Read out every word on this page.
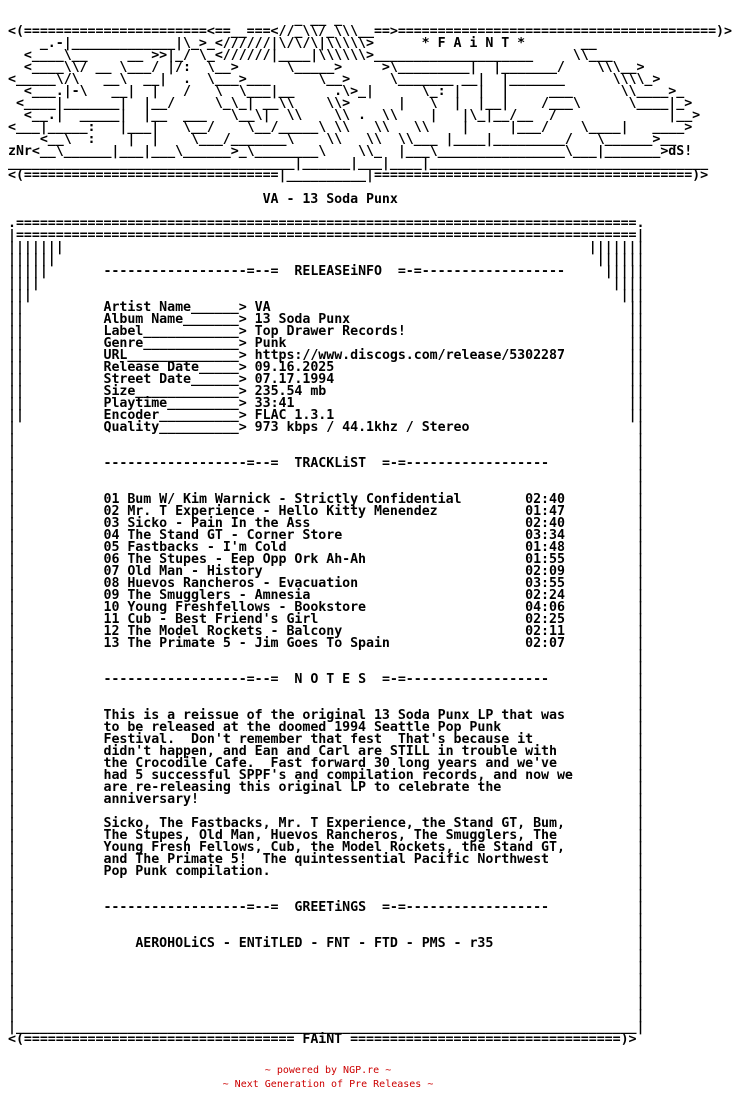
_ __ _
<(=======================<==__===<//_\\/_\\\__==>========================================)>
_.-|_____________|\_>_<//////|\/\/\|\\\\\>      * F A i N T *       __
<____\__     __ >>|_/ \_<//////|____|\\\\\\>____________________     \\___
<____\\/ __ \___/ |/:  \__>      \_____>     >\_________|  |_______/    \\\__>
<_____\/\   __\  __|  .  \___>___      \__>     \_______ __|  |_______      \\\\_>
<___.|-\   __|  |   /   \  \___|__     .\>_|      \_: |  |  |     ___      \\____>_
<____|_______|  |__/     \_\_| __\\    \\>      |   \  |  |__|    /___\      \____|_>
<__.|  _____|  |__  ___   \__\|  \\    \\ .  \\    |   |\_|__/__  /              |__>
<___|_____:   |___|   \__/    \__/_____\ \\   \\   \\    |     |___/    \____|   ____>
<__\  :    |  |    \___/_______\    \\   \\  \\___ |____|_________/   \______>__
zNr<__\______|___|___\______>_\________\    \\_  |___\________________\___|_______>dS!
____________________________________|______|___|____|___________________________________
<(================================|__________|========================================)>
VA - 13 Soda Punx
.==============================================================================.
|==============================================================================|
|||||||	|||||||
||||||	||||||
|||||       ------------------=--=  RELEASEiNFO  =-=------------------     |||||
||||	||||
|||	|||
||	Artist Name______> VA	||
||	Album Name_______> 13 Soda Punx	||
||	Label____________> Top Drawer Records!	||
||	Genre____________> Punk	||
||	URL______________> https://www.discogs.com/release/5302287        ||
||	Release Date_____> 09.16.2025	||
||	Street Date______> 07.17.1994	||
||	Size_____________> 235.54 mb	||
||	Playtime_________> 33:41	||
||	Encoder__________> FLAC 1.3.1	||
|	Quality__________> 973 kbps / 44.1khz / Stereo	|
|	|
|	|
|           ------------------=--=  TRACKLiST  =-=------------------	|
|	|
|	|
|	01 Bum W/ Kim Warnick - Strictly Confidential	02:40         |
|	02 Mr. T Experience - Hello Kitty Menendez	01:47         |
|	03 Sicko - Pain In the Ass	02:40         |
|	04 The Stand GT - Corner Store	03:34         |
|	05 Fastbacks - I'm Cold	01:48         |
|	06 The Stupes - Eep Opp Ork Ah-Ah	01:55         |
|	07 Old Man - History	02:09         |
|	08 Huevos Rancheros - Evacuation	03:55         |
|	09 The Smugglers - Amnesia	02:24         |
|	10 Young Freshfellows - Bookstore	04:06         |
|	11 Cub - Best Friend's Girl	02:25         |
|	12 The Model Rockets - Balcony	02:11         |
|	13 The Primate 5 - Jim Goes To Spain	02:07         |
|	|
|	|
|           ------------------=--=  N O T E S  =-=------------------	|
|	|
|	|
|	This is a reissue of the original 13 Soda Punx LP that was         |
|	to be released at the doomed 1994 Seattle Pop Punk	|
|	Festival.  Don't remember that fest  That's because it	|
|	didn't happen, and Ean and Carl are STILL in trouble with          |
|	the Crocodile Cafe.  Fast forward 30 long years and we've          |
|	had 5 successful SPPF's and compilation records, and now we        |
|	are re-releasing this original LP to celebrate the	|
|	anniversary!	|
|	|
|	Sicko, The Fastbacks, Mr. T Experience, the Stand GT, Bum,         |
|	The Stupes, Old Man, Huevos Rancheros, The Smugglers, The          |
|	Young Fresh Fellows, Cub, the Model Rockets, the Stand GT,         |
|	and The Primate 5!  The quintessential Pacific Northwest	|
|	Pop Punk compilation.	|
|	|
|	|
|           ------------------=--=  GREETiNGS  =-=------------------	|
|	|
|	|
|	AEROHOLiCS - ENTiTLED - FNT - FTD - PMS - r35	|
|	|
|	|
|	|
|	|
|	|
|	|
|______________________________________________________________________________|
<(================================== FAiNT ==================================)>
~ powered by NGP.re ~
~ Next Generation of Pre Releases ~
